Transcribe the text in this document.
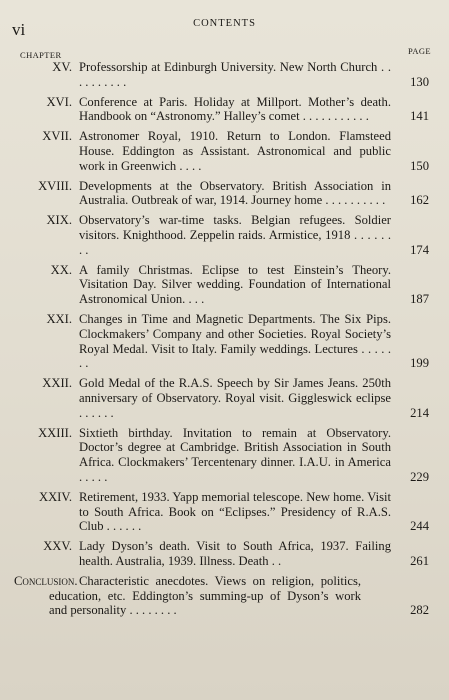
vi	CONTENTS
CHAPTER	PAGE
XV. Professorship at Edinburgh University. New North Church . . . . . . . . . .	130
XVI. Conference at Paris. Holiday at Millport. Mother’s death. Handbook on “Astronomy.” Halley’s comet . . . . . . . . . . .	141
XVII. Astronomer Royal, 1910. Return to London. Flamsteed House. Eddington as Assistant. Astronomical and public work in Greenwich . . . .	150
XVIII. Developments at the Observatory. British Association in Australia. Outbreak of war, 1914. Journey home . . . . . . . . . .	162
XIX. Observatory’s war-time tasks. Belgian refugees. Soldier visitors. Knighthood. Zeppelin raids. Armistice, 1918 . . . . . . . .	174
XX. A family Christmas. Eclipse to test Einstein’s Theory. Visitation Day. Silver wedding. Foundation of International Astronomical Union. . . .	187
XXI. Changes in Time and Magnetic Departments. The Six Pips. Clockmakers’ Company and other Societies. Royal Society’s Royal Medal. Visit to Italy. Family weddings. Lectures . . . . . . .	199
XXII. Gold Medal of the R.A.S. Speech by Sir James Jeans. 250th anniversary of Observatory. Royal visit. Giggleswick eclipse . . . . . .	214
XXIII. Sixtieth birthday. Invitation to remain at Observatory. Doctor’s degree at Cambridge. British Association in South Africa. Clockmakers’ Tercentenary dinner. I.A.U. in America . . . . .	229
XXIV. Retirement, 1933. Yapp memorial telescope. New home. Visit to South Africa. Book on “Eclipses.” Presidency of R.A.S. Club . . . . . .	244
XXV. Lady Dyson’s death. Visit to South Africa, 1937. Failing health. Australia, 1939. Illness. Death . .	261
Conclusion. Characteristic anecdotes. Views on religion, politics, education, etc. Eddington’s summing-up of Dyson’s work and personality . . . . . . . .	282
